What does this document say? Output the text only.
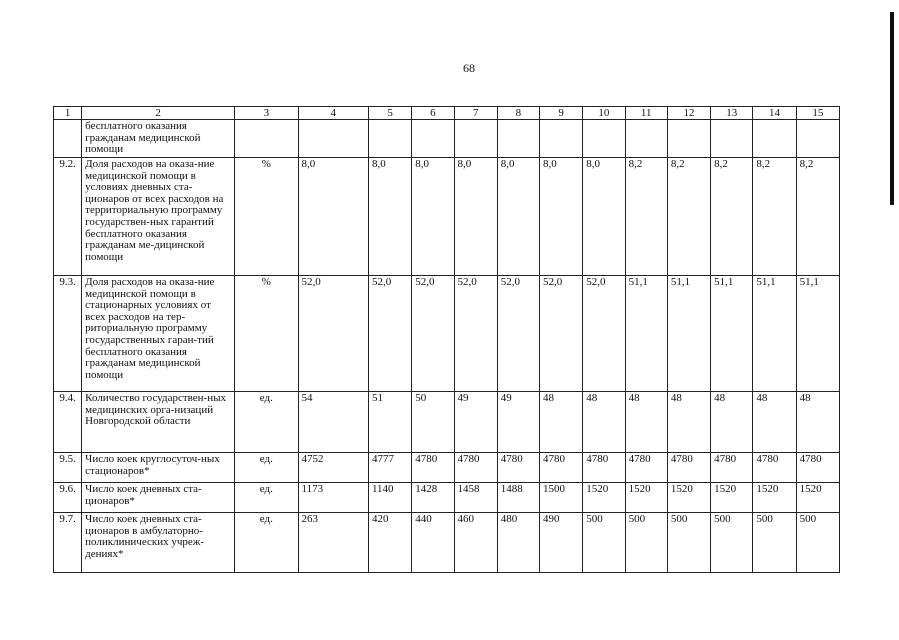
68
1	2	3	4	5	6	7	8	9	10	11	12	13	14	15
	бесплатного оказания гражданам медицинской помощи													
9.2.	Доля расходов на оказа-ние медицинской помощи в условиях дневных ста-ционаров от всех расходов на территориальную программу государствен-ных гарантий бесплатного оказания гражданам ме-дицинской помощи	%	8,0	8,0	8,0	8,0	8,0	8,0	8,0	8,2	8,2	8,2	8,2	8,2
9.3.	Доля расходов на оказа-ние медицинской помощи в стационарных условиях от всех расходов на тер-риториальную программу государственных гаран-тий бесплатного оказания гражданам медицинской помощи	%	52,0	52,0	52,0	52,0	52,0	52,0	52,0	51,1	51,1	51,1	51,1	51,1
9.4.	Количество государствен-ных медицинских орга-низаций Новгородской области	ед.	54	51	50	49	49	48	48	48	48	48	48	48
9.5.	Число коек круглосуточ-ных стационаров*	ед.	4752	4777	4780	4780	4780	4780	4780	4780	4780	4780	4780	4780
9.6.	Число коек дневных ста-ционаров*	ед.	1173	1140	1428	1458	1488	1500	1520	1520	1520	1520	1520	1520
9.7.	Число коек дневных ста-ционаров в амбулаторно-поликлинических учреж-дениях*	ед.	263	420	440	460	480	490	500	500	500	500	500	500
